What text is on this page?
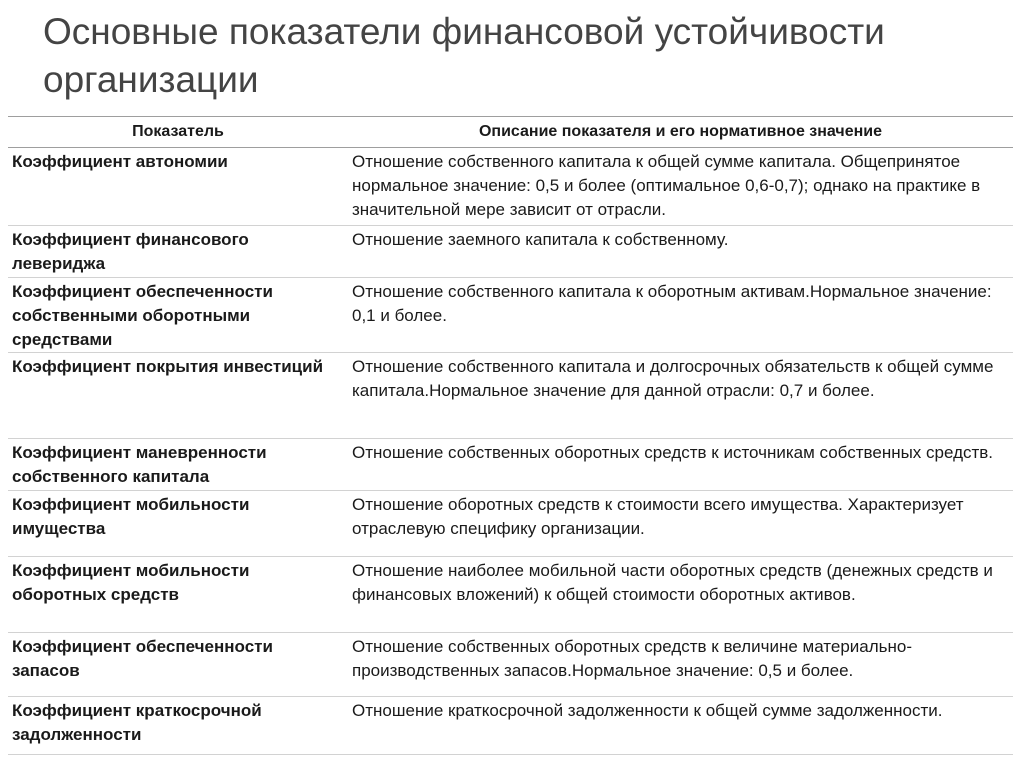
Основные показатели финансовой устойчивости организации
Показатель	Описание показателя и его нормативное значение
Коэффициент автономии	Отношение собственного капитала к общей сумме капитала. Общепринятое нормальное значение: 0,5 и более (оптимальное 0,6-0,7); однако на практике в значительной мере зависит от отрасли.
Коэффициент финансового левериджа	Отношение заемного капитала к собственному.
Коэффициент обеспеченности собственными оборотными средствами	Отношение собственного капитала к оборотным активам.Нормальное значение: 0,1 и более.
Коэффициент покрытия инвестиций	Отношение собственного капитала и долгосрочных обязательств к общей сумме капитала.Нормальное значение для данной отрасли: 0,7 и более.
Коэффициент маневренности собственного капитала	Отношение собственных оборотных средств к источникам собственных средств.
Коэффициент мобильности имущества	Отношение оборотных средств к стоимости всего имущества. Характеризует отраслевую специфику организации.
Коэффициент мобильности оборотных средств	Отношение наиболее мобильной части оборотных средств (денежных средств и финансовых вложений) к общей стоимости оборотных активов.
Коэффициент обеспеченности запасов	Отношение собственных оборотных средств к величине материально-производственных запасов.Нормальное значение: 0,5 и более.
Коэффициент краткосрочной задолженности	Отношение краткосрочной задолженности к общей сумме задолженности.
